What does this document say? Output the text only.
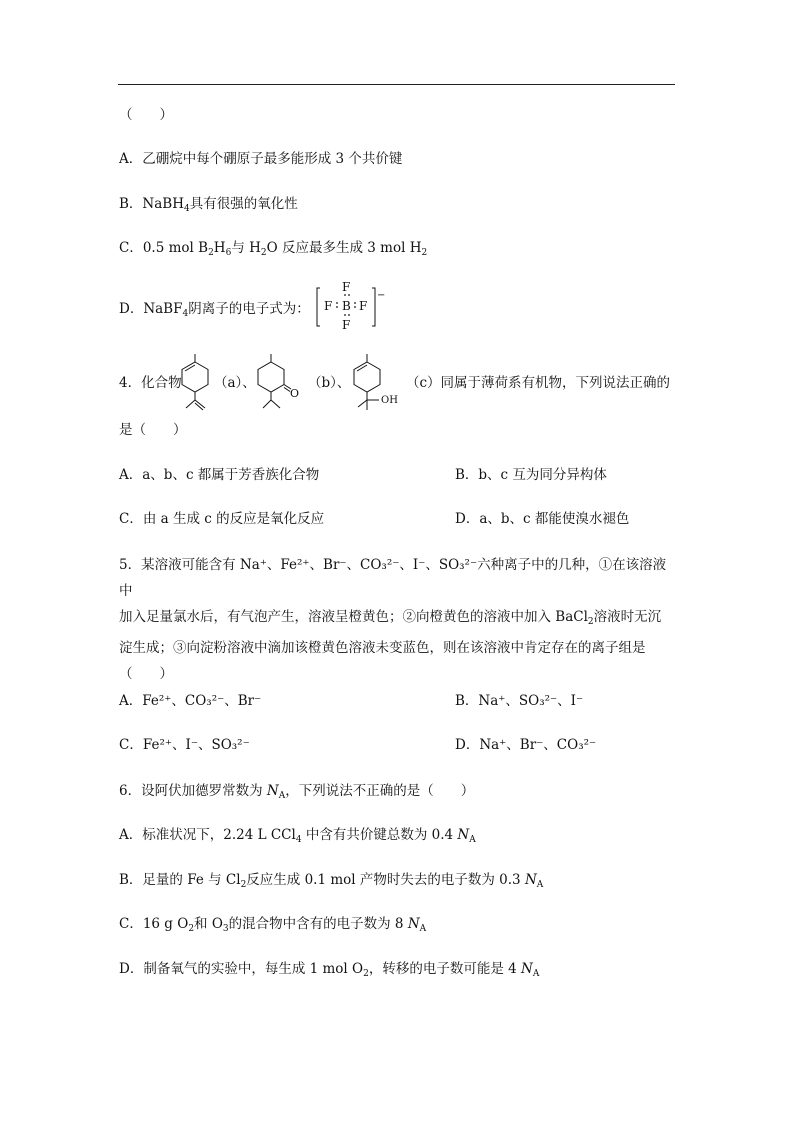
（　　）
A．乙硼烷中每个硼原子最多能形成 3 个共价键
B．NaBH$_4$具有很强的氧化性
C．0.5 mol $B_2H_6$与 $H_2O$ 反应最多生成 3 mol $H_2$
D．NaBF$_4$阴离子的电子式为：
F
F B F
F
−
4．化合物 （a）、
O
（b）、
OH
（c）同属于薄荷系有机物，下列说法正确的
是（　　）
A．a、b、c 都属于芳香族化合物	B．b、c 互为同分异构体
C．由 a 生成 c 的反应是氧化反应	D．a、b、c 都能使溴水褪色
5．某溶液可能含有 Na⁺、Fe²⁺、Br⁻、CO₃²⁻、I⁻、SO₃²⁻六种离子中的几种，①在该溶液中
加入足量氯水后，有气泡产生，溶液呈橙黄色；②向橙黄色的溶液中加入 BaCl$_2$溶液时无沉
淀生成；③向淀粉溶液中滴加该橙黄色溶液未变蓝色，则在该溶液中肯定存在的离子组是
（　　）
A．Fe²⁺、CO₃²⁻、Br⁻	B．Na⁺、SO₃²⁻、I⁻
C．Fe²⁺、I⁻、SO₃²⁻	D．Na⁺、Br⁻、CO₃²⁻
6．设阿伏加德罗常数为 $N_A$，下列说法不正确的是（　　）
A．标准状况下，2.24 L CCl$_4$ 中含有共价键总数为 0.4 $N_A$
B．足量的 Fe 与 $Cl_2$反应生成 0.1 mol 产物时失去的电子数为 0.3 $N_A$
C．16 g $O_2$和 $O_3$的混合物中含有的电子数为 8 $N_A$
D．制备氧气的实验中，每生成 1 mol $O_2$，转移的电子数可能是 4 $N_A$
